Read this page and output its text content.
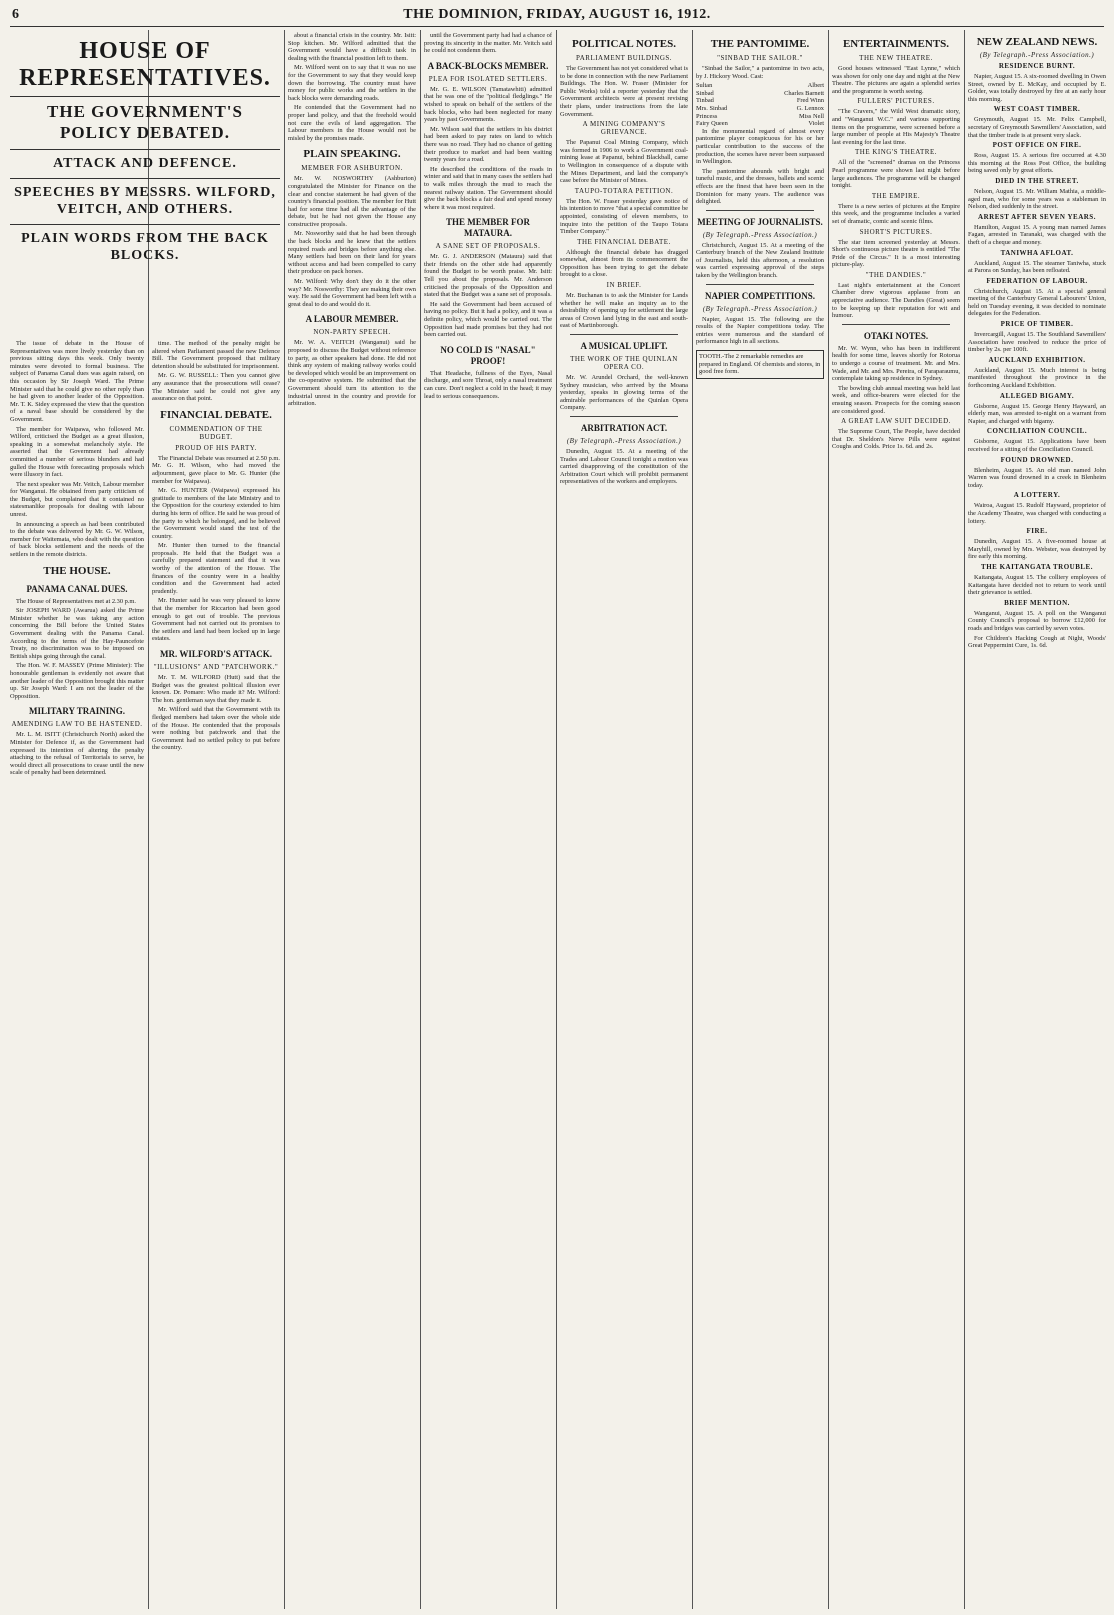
6	THE DOMINION, FRIDAY, AUGUST 16, 1912.
HOUSE OF REPRESENTATIVES.
THE GOVERNMENT'S POLICY DEBATED.
ATTACK AND DEFENCE.
SPEECHES BY MESSRS. WILFORD, VEITCH, AND OTHERS.
PLAIN WORDS FROM THE BACK BLOCKS.

The issue of debate in the House of Representatives was more lively yesterday than on previous sitting days this week. Only twenty minutes were devoted to formal business. The subject of Panama Canal dues was again raised, on this occasion by Sir Joseph Ward. The Prime Minister said that he could give no other reply than he had given to another leader of the Opposition. Mr. T. K. Sidey expressed the view that the question of a naval base should be considered by the Government.

The member for Waipawa, who followed Mr. Wilford, criticised the Budget as a great illusion, speaking in a somewhat melancholy style. He asserted that the Government had already committed a number of serious blunders and had gulled the House with forecasting proposals which were illusory in fact.

The next speaker was Mr. Veitch, Labour member for Wanganui. He obtained from party criticism of the Budget, but complained that it contained no statesmanlike proposals for dealing with labour unrest.

In announcing a speech as had been contributed to the debate was delivered by Mr. G. W. Wilson, member for Waitemata, who dealt with the question of back blocks settlement and the needs of the settlers in the remote districts.

THE HOUSE.
PANAMA CANAL DUES.

The House of Representatives met at 2.30 p.m.

Sir JOSEPH WARD (Awarua) asked the Prime Minister whether he was taking any action concerning the Bill before the United States Government dealing with the Panama Canal. According to the terms of the Hay-Pauncefote Treaty, no discrimination was to be imposed on British ships going through the canal.

The Hon. W. F. MASSEY (Prime Minister): The honourable gentleman is evidently not aware that another leader of the Opposition brought this matter up. Sir Joseph Ward: I am not the leader of the Opposition.

MILITARY TRAINING.
AMENDING LAW TO BE HASTENED.

Mr. L. M. ISITT (Christchurch North) asked the Minister for Defence if, as the Government had expressed its intention of altering the penalty attaching to the refusal of Territorials to serve, he would direct all prosecutions to cease until the new scale of penalty had been determined.

time. The method of the penalty might be altered when Parliament passed the new Defence Bill. The Government proposed that military detention should be substituted for imprisonment.

Mr. G. W. RUSSELL: Then you cannot give any assurance that the prosecutions will cease? The Minister said he could not give any assurance on that point.

FINANCIAL DEBATE.
COMMENDATION OF THE BUDGET.
PROUD OF HIS PARTY.

The Financial Debate was resumed at 2.50 p.m. Mr. G. H. Wilson, who had moved the adjournment, gave place to Mr. G. Hunter (the member for Waipawa).

Mr. G. HUNTER (Waipawa) expressed his gratitude to members of the late Ministry and to the Opposition for the courtesy extended to him during his term of office. He said he was proud of the party to which he belonged, and he believed the Government would stand the test of the country.

Mr. Hunter then turned to the financial proposals. He held that the Budget was a carefully prepared statement and that it was worthy of the attention of the House. The finances of the country were in a healthy condition and the Government had acted prudently.

Mr. Hunter said he was very pleased to know that the member for Riccarton had been good enough to get out of trouble. The previous Government had not carried out its promises to the settlers and land had been locked up in large estates.

MR. WILFORD'S ATTACK.
"ILLUSIONS" AND "PATCHWORK."

Mr. T. M. WILFORD (Hutt) said that the Budget was the greatest political illusion ever known. Dr. Pomare: Who made it? Mr. Wilford: The hon. gentleman says that they made it.

Mr. Wilford said that the Government with its fledged members had taken over the whole side of the House. He contended that the proposals were nothing but patchwork and that the Government had no settled policy to put before the country.

about a financial crisis in the country. Mr. Isitt: Stop kitchen. Mr. Wilford admitted that the Government would have a difficult task in dealing with the financial position left to them.

Mr. Wilford went on to say that it was no use for the Government to say that they would keep down the borrowing. The country must have money for public works and the settlers in the back blocks were demanding roads.

He contended that the Government had no proper land policy, and that the freehold would not cure the evils of land aggregation. The Labour members in the House would not be misled by the promises made.

PLAIN SPEAKING.
MEMBER FOR ASHBURTON.

Mr. W. NOSWORTHY (Ashburton) congratulated the Minister for Finance on the clear and concise statement he had given of the country's financial position. The member for Hutt had for some time had all the advantage of the debate, but he had not given the House any constructive proposals.

Mr. Nosworthy said that he had been through the back blocks and he knew that the settlers required roads and bridges before anything else. Many settlers had been on their land for years without access and had been compelled to carry their produce on pack horses.

Mr. Wilford: Why don't they do it the other way? Mr. Nosworthy: They are making their own way. He said the Government had been left with a great deal to do and would do it.

A LABOUR MEMBER.
NON-PARTY SPEECH.

Mr. W. A. VEITCH (Wanganui) said he proposed to discuss the Budget without reference to party, as other speakers had done. He did not think any system of making railway works could be developed which would be an improvement on the co-operative system. He submitted that the Government should turn its attention to the industrial unrest in the country and provide for arbitration.

until the Government party had had a chance of proving its sincerity in the matter. Mr. Veitch said he could not condemn them.

A BACK-BLOCKS MEMBER.
PLEA FOR ISOLATED SETTLERS.

Mr. G. E. WILSON (Tamatawhiti) admitted that he was one of the "political fledglings." He wished to speak on behalf of the settlers of the back blocks, who had been neglected for many years by past Governments.

Mr. Wilson said that the settlers in his district had been asked to pay rates on land to which there was no road. They had no chance of getting their produce to market and had been waiting twenty years for a road.

He described the conditions of the roads in winter and said that in many cases the settlers had to walk miles through the mud to reach the nearest railway station. The Government should give the back blocks a fair deal and spend money where it was most required.

THE MEMBER FOR MATAURA.
A SANE SET OF PROPOSALS.

Mr. G. J. ANDERSON (Mataura) said that their friends on the other side had apparently found the Budget to be worth praise. Mr. Isitt: Tell you about the proposals. Mr. Anderson criticised the proposals of the Opposition and stated that the Budget was a sane set of proposals.

He said the Government had been accused of having no policy. But it had a policy, and it was a definite policy, which would be carried out. The Opposition had made promises but they had not been carried out.

NO COLD IS "NASAL" PROOF!

That Headache, fullness of the Eyes, Nasal discharge, and sore Throat, only a nasal treatment can cure. Don't neglect a cold in the head; it may lead to serious consequences.

POLITICAL NOTES.
PARLIAMENT BUILDINGS.

The Government has not yet considered what is to be done in connection with the new Parliament Buildings. The Hon. W. Fraser (Minister for Public Works) told a reporter yesterday that the Government architects were at present revising their plans, under instructions from the late Government.

A MINING COMPANY'S GRIEVANCE.

The Papanui Coal Mining Company, which was formed in 1906 to work a Government coal-mining lease at Papanui, behind Blackball, came to Wellington in consequence of a dispute with the Mines Department, and laid the company's case before the Minister of Mines.

TAUPO-TOTARA PETITION.

The Hon. W. Fraser yesterday gave notice of his intention to move "that a special committee be appointed, consisting of eleven members, to inquire into the petition of the Taupo Totara Timber Company."

THE FINANCIAL DEBATE.

Although the financial debate has dragged somewhat, almost from its commencement the Opposition has been trying to get the debate brought to a close.

IN BRIEF.

Mr. Buchanan is to ask the Minister for Lands whether he will make an inquiry as to the desirability of opening up for settlement the large areas of Crown land lying in the east and south-east of Martinborough.

A MUSICAL UPLIFT.
THE WORK OF THE QUINLAN OPERA CO.

Mr. W. Arundel Orchard, the well-known Sydney musician, who arrived by the Moana yesterday, speaks in glowing terms of the admirable performances of the Quinlan Opera Company.

ARBITRATION ACT.
(By Telegraph.-Press Association.)

Dunedin, August 15. At a meeting of the Trades and Labour Council tonight a motion was carried disapproving of the constitution of the Arbitration Court which will prohibit permanent representatives of the workers and employers.

THE PANTOMIME.
"SINBAD THE SAILOR."

"Sinbad the Sailor," a pantomime in two acts, by J. Hickory Wood. Cast:

Sultan	Albert
Sinbad	Charles Barnett
Tinbad	Fred Winn
Mrs. Sinbad	G. Lennox
Princess	Miss Nell
Fairy Queen	Violet

In the monumental regard of almost every pantomime player conspicuous for his or her particular contribution to the success of the production, the scenes have never been surpassed in Wellington.

The pantomime abounds with bright and tuneful music, and the dresses, ballets and scenic effects are the finest that have been seen in the Dominion for many years. The audience was delighted.

MEETING OF JOURNALISTS.
(By Telegraph.-Press Association.)

Christchurch, August 15. At a meeting of the Canterbury branch of the New Zealand Institute of Journalists, held this afternoon, a resolution was carried expressing approval of the steps taken by the Wellington branch.

NAPIER COMPETITIONS.
(By Telegraph.-Press Association.)

Napier, August 15. The following are the results of the Napier competitions today. The entries were numerous and the standard of performance high in all sections.

TOOTH.-The 2 remarkable remedies are prepared in England. Of chemists and stores, in good free form.
ENTERTAINMENTS.
THE NEW THEATRE.

Good houses witnessed "East Lynne," which was shown for only one day and night at the New Theatre. The pictures are again a splendid series and the programme is worth seeing.

FULLERS' PICTURES.

"The Cravers," the Wild West dramatic story, and "Wanganui W.C." and various supporting items on the programme, were screened before a large number of people at His Majesty's Theatre last evening for the last time.

THE KING'S THEATRE.

All of the "screened" dramas on the Princess Pearl programme were shown last night before large audiences. The programme will be changed tonight.

THE EMPIRE.

There is a new series of pictures at the Empire this week, and the programme includes a varied set of dramatic, comic and scenic films.

SHORT'S PICTURES.

The star item screened yesterday at Messrs. Short's continuous picture theatre is entitled "The Pride of the Circus." It is a most interesting picture-play.

"THE DANDIES."

Last night's entertainment at the Concert Chamber drew vigorous applause from an appreciative audience. The Dandies (Great) seem to be keeping up their reputation for wit and humour.

OTAKI NOTES.

Mr. W. Wynn, who has been in indifferent health for some time, leaves shortly for Rotorua to undergo a course of treatment. Mr. and Mrs. Wade, and Mr. and Mrs. Pereira, of Paraparaumu, contemplate taking up residence in Sydney.

The bowling club annual meeting was held last week, and office-bearers were elected for the ensuing season. Prospects for the coming season are considered good.

A GREAT LAW SUIT DECIDED.

The Supreme Court, The People, have decided that Dr. Sheldon's Nerve Pills were against Coughs and Colds. Price 1s. 6d. and 2s.

NEW ZEALAND NEWS.
(By Telegraph.-Press Association.)
RESIDENCE BURNT.

Napier, August 15. A six-roomed dwelling in Owen Street, owned by E. McKay, and occupied by E. Golder, was totally destroyed by fire at an early hour this morning.

WEST COAST TIMBER.

Greymouth, August 15. Mr. Felix Campbell, secretary of Greymouth Sawmillers' Association, said that the timber trade is at present very slack.

POST OFFICE ON FIRE.

Ross, August 15. A serious fire occurred at 4.30 this morning at the Ross Post Office, the building being saved only by great efforts.

DIED IN THE STREET.

Nelson, August 15. Mr. William Mathia, a middle-aged man, who for some years was a stableman in Nelson, died suddenly in the street.

ARREST AFTER SEVEN YEARS.

Hamilton, August 15. A young man named James Fagan, arrested in Taranaki, was charged with the theft of a cheque and money.

TANIWHA AFLOAT.

Auckland, August 15. The steamer Taniwha, stuck at Parora on Sunday, has been refloated.

FEDERATION OF LABOUR.

Christchurch, August 15. At a special general meeting of the Canterbury General Labourers' Union, held on Tuesday evening, it was decided to nominate delegates for the Federation.

PRICE OF TIMBER.

Invercargill, August 15. The Southland Sawmillers' Association have resolved to reduce the price of timber by 2s. per 100ft.

AUCKLAND EXHIBITION.

Auckland, August 15. Much interest is being manifested throughout the province in the forthcoming Auckland Exhibition.

ALLEGED BIGAMY.

Gisborne, August 15. George Henry Hayward, an elderly man, was arrested to-night on a warrant from Napier, and charged with bigamy.

CONCILIATION COUNCIL.

Gisborne, August 15. Applications have been received for a sitting of the Conciliation Council.

FOUND DROWNED.

Blenheim, August 15. An old man named John Warren was found drowned in a creek in Blenheim today.

A LOTTERY.

Wairoa, August 15. Rudolf Hayward, proprietor of the Academy Theatre, was charged with conducting a lottery.

FIRE.

Dunedin, August 15. A five-roomed house at Maryhill, owned by Mrs. Webster, was destroyed by fire early this morning.

THE KAITANGATA TROUBLE.

Kaitangata, August 15. The colliery employees of Kaitangata have decided not to return to work until their grievance is settled.

BRIEF MENTION.

Wanganui, August 15. A poll on the Wanganui County Council's proposal to borrow £12,000 for roads and bridges was carried by seven votes.

For Children's Hacking Cough at Night, Woods' Great Peppermint Cure, 1s. 6d.
